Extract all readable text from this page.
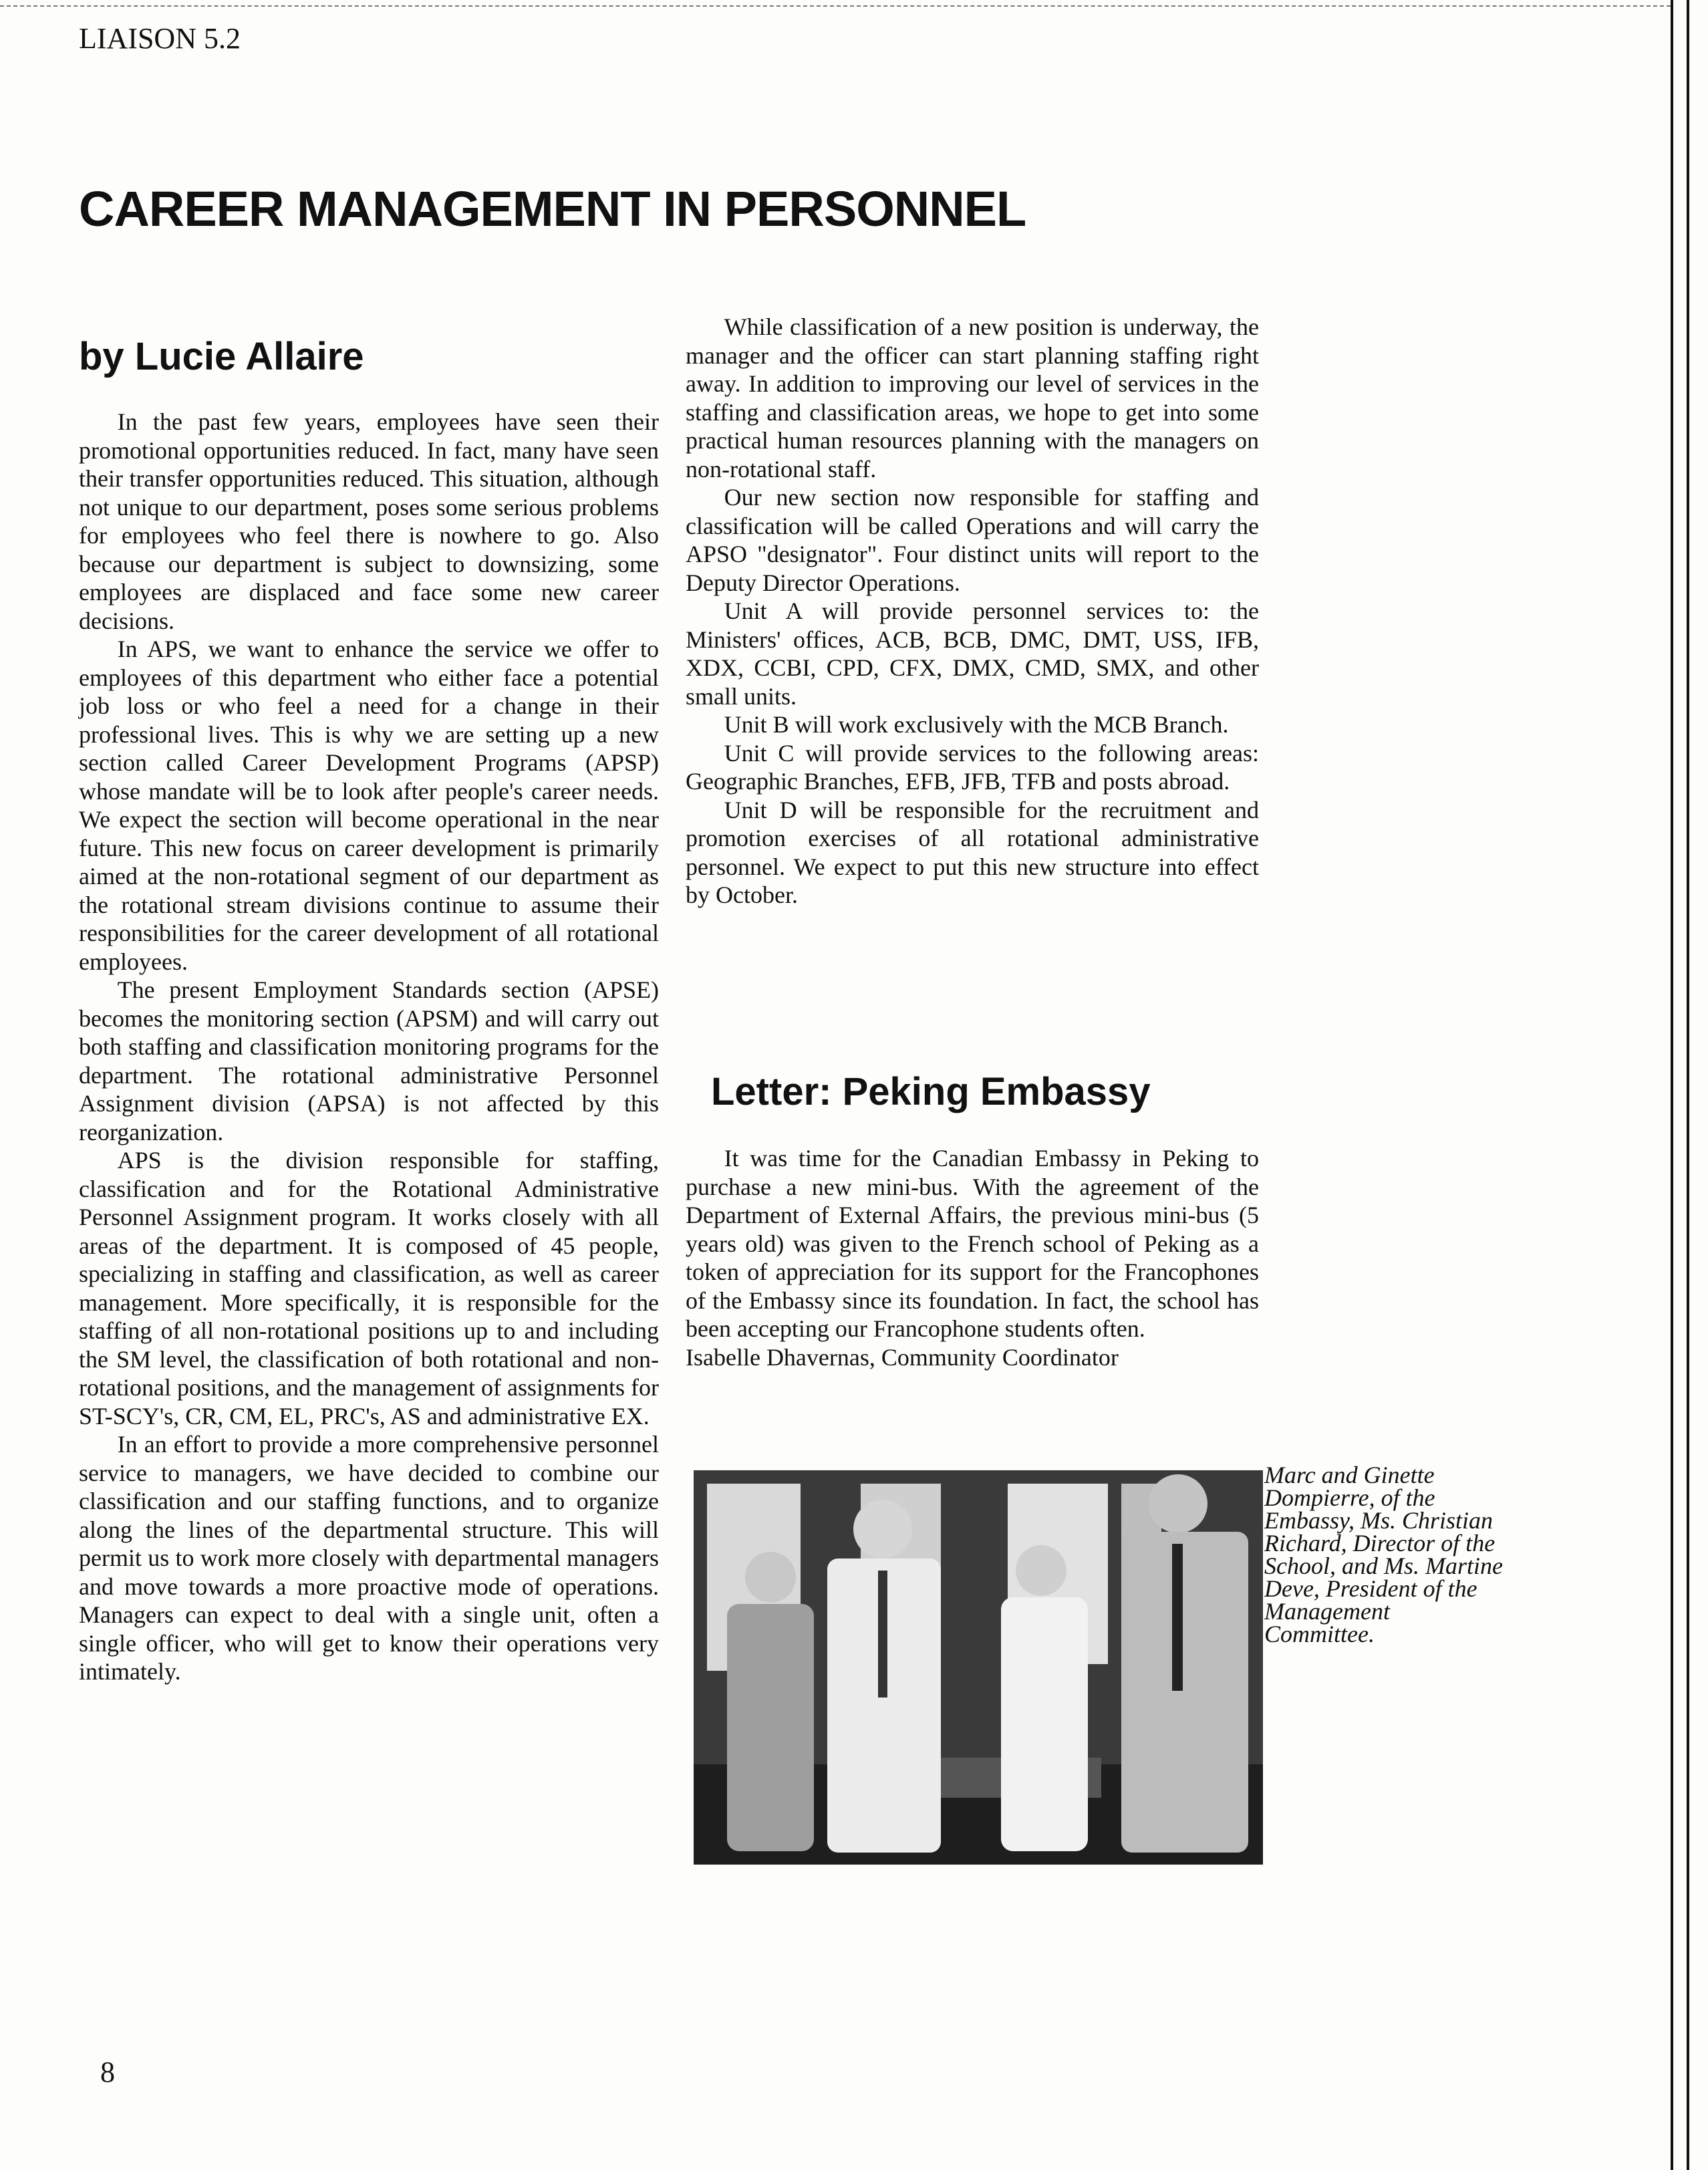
LIAISON 5.2
CAREER MANAGEMENT IN PERSONNEL
by Lucie Allaire

In the past few years, employees have seen their promotional opportunities reduced. In fact, many have seen their transfer opportunities reduced. This situation, although not unique to our department, poses some serious problems for employees who feel there is nowhere to go. Also because our department is subject to downsizing, some employees are displaced and face some new career decisions.

In APS, we want to enhance the service we offer to employees of this department who either face a potential job loss or who feel a need for a change in their professional lives. This is why we are setting up a new section called Career Development Programs (APSP) whose mandate will be to look after people's career needs. We expect the section will become operational in the near future. This new focus on career development is primarily aimed at the non-rotational segment of our department as the rotational stream divisions continue to assume their responsibilities for the career development of all rotational employees.

The present Employment Standards section (APSE) becomes the monitoring section (APSM) and will carry out both staffing and classification monitoring programs for the department. The rotational administrative Personnel Assignment division (APSA) is not affected by this reorganization.

APS is the division responsible for staffing, classification and for the Rotational Administrative Personnel Assignment program. It works closely with all areas of the department. It is composed of 45 people, specializing in staffing and classification, as well as career management. More specifically, it is responsible for the staffing of all non-rotational positions up to and including the SM level, the classification of both rotational and non-rotational positions, and the management of assignments for ST-SCY's, CR, CM, EL, PRC's, AS and administrative EX.

In an effort to provide a more comprehensive personnel service to managers, we have decided to combine our classification and our staffing functions, and to organize along the lines of the departmental structure. This will permit us to work more closely with departmental managers and move towards a more proactive mode of operations. Managers can expect to deal with a single unit, often a single officer, who will get to know their operations very intimately.

While classification of a new position is underway, the manager and the officer can start planning staffing right away. In addition to improving our level of services in the staffing and classification areas, we hope to get into some practical human resources planning with the managers on non-rotational staff.

Our new section now responsible for staffing and classification will be called Operations and will carry the APSO "designator". Four distinct units will report to the Deputy Director Operations.

Unit A will provide personnel services to: the Ministers' offices, ACB, BCB, DMC, DMT, USS, IFB, XDX, CCBI, CPD, CFX, DMX, CMD, SMX, and other small units.

Unit B will work exclusively with the MCB Branch.

Unit C will provide services to the following areas: Geographic Branches, EFB, JFB, TFB and posts abroad.

Unit D will be responsible for the recruitment and promotion exercises of all rotational administrative personnel. We expect to put this new structure into effect by October.

Letter: Peking Embassy

It was time for the Canadian Embassy in Peking to purchase a new mini-bus. With the agreement of the Department of External Affairs, the previous mini-bus (5 years old) was given to the French school of Peking as a token of appreciation for its support for the Francophones of the Embassy since its foundation. In fact, the school has been accepting our Francophone students often.

Isabelle Dhavernas, Community Coordinator

Marc and Ginette Dompierre, of the Embassy, Ms. Christian Richard, Director of the School, and Ms. Martine Deve, President of the Management Committee.
8
